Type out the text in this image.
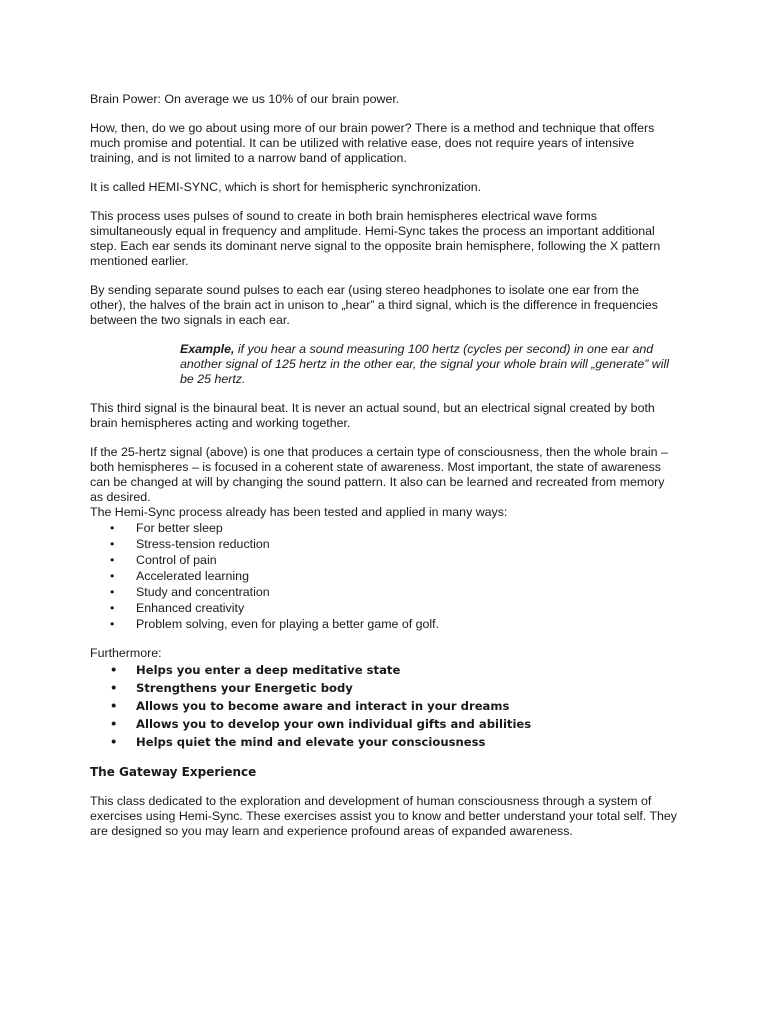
Brain Power: On average we us 10% of our brain power.

How, then, do we go about using more of our brain power? There is a method and technique that offers much promise and potential. It can be utilized with relative ease, does not require years of intensive training, and is not limited to a narrow band of application.

It is called HEMI-SYNC, which is short for hemispheric synchronization.

This process uses pulses of sound to create in both brain hemispheres electrical wave forms simultaneously equal in frequency and amplitude. Hemi-Sync takes the process an important additional step. Each ear sends its dominant nerve signal to the opposite brain hemisphere, following the X pattern mentioned earlier.

By sending separate sound pulses to each ear (using stereo headphones to isolate one ear from the other), the halves of the brain act in unison to „hear” a third signal, which is the difference in frequencies between the two signals in each ear.

Example, if you hear a sound measuring 100 hertz (cycles per second) in one ear and another signal of 125 hertz in the other ear, the signal your whole brain will „generate” will be 25 hertz.

This third signal is the binaural beat. It is never an actual sound, but an electrical signal created by both brain hemispheres acting and working together.

If the 25-hertz signal (above) is one that produces a certain type of consciousness, then the whole brain – both hemispheres – is focused in a coherent state of awareness. Most important, the state of awareness can be changed at will by changing the sound pattern. It also can be learned and recreated from memory as desired.

The Hemi-Sync process already has been tested and applied in many ways:

• For better sleep
• Stress-tension reduction
• Control of pain
• Accelerated learning
• Study and concentration
• Enhanced creativity
• Problem solving, even for playing a better game of golf.

Furthermore:

• Helps you enter a deep meditative state
• Strengthens your Energetic body
• Allows you to become aware and interact in your dreams
• Allows you to develop your own individual gifts and abilities
• Helps quiet the mind and elevate your consciousness

The Gateway Experience

This class dedicated to the exploration and development of human consciousness through a system of exercises using Hemi-Sync. These exercises assist you to know and better understand your total self. They are designed so you may learn and experience profound areas of expanded awareness.
